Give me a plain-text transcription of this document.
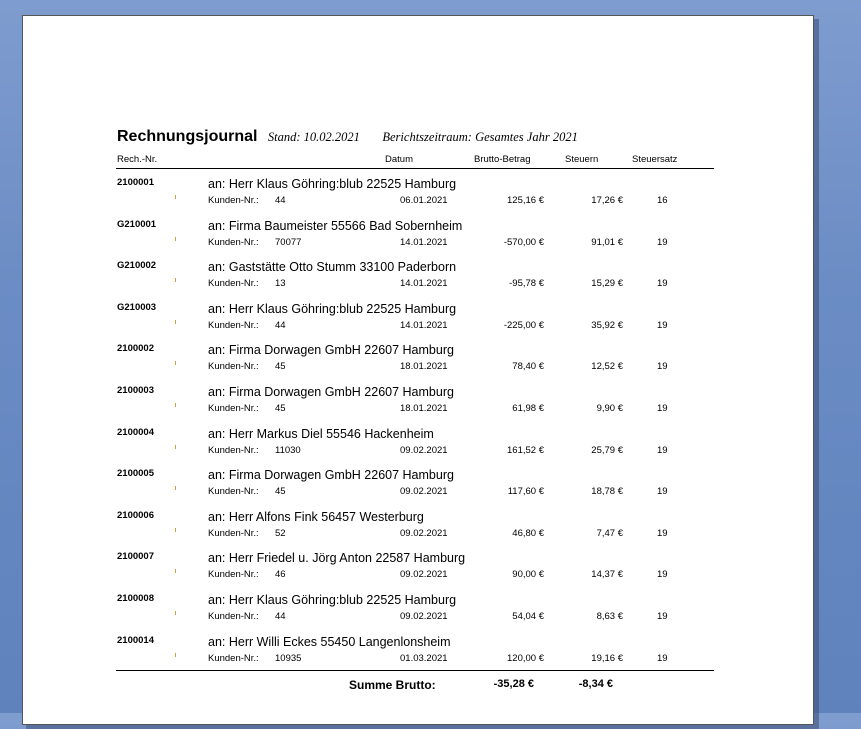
Rechnungsjournal Stand: 10.02.2021 Berichtszeitraum: Gesamtes Jahr 2021
Rech.-Nr.	Datum	Brutto-Betrag	Steuern	Steuersatz
2100001	an: Herr Klaus Göhring:blub 22525 Hamburg
Kunden-Nr.: 44	06.01.2021	125,16 €	17,26 €	16
G210001	an: Firma Baumeister 55566 Bad Sobernheim
Kunden-Nr.: 70077	14.01.2021	-570,00 €	91,01 €	19
G210002	an: Gaststätte Otto Stumm 33100 Paderborn
Kunden-Nr.: 13	14.01.2021	-95,78 €	15,29 €	19
G210003	an: Herr Klaus Göhring:blub 22525 Hamburg
Kunden-Nr.: 44	14.01.2021	-225,00 €	35,92 €	19
2100002	an: Firma Dorwagen GmbH 22607 Hamburg
Kunden-Nr.: 45	18.01.2021	78,40 €	12,52 €	19
2100003	an: Firma Dorwagen GmbH 22607 Hamburg
Kunden-Nr.: 45	18.01.2021	61,98 €	9,90 €	19
2100004	an: Herr Markus Diel 55546 Hackenheim
Kunden-Nr.: 11030	09.02.2021	161,52 €	25,79 €	19
2100005	an: Firma Dorwagen GmbH 22607 Hamburg
Kunden-Nr.: 45	09.02.2021	117,60 €	18,78 €	19
2100006	an: Herr Alfons Fink 56457 Westerburg
Kunden-Nr.: 52	09.02.2021	46,80 €	7,47 €	19
2100007	an: Herr Friedel u. Jörg Anton 22587 Hamburg
Kunden-Nr.: 46	09.02.2021	90,00 €	14,37 €	19
2100008	an: Herr Klaus Göhring:blub 22525 Hamburg
Kunden-Nr.: 44	09.02.2021	54,04 €	8,63 €	19
2100014	an: Herr Willi Eckes 55450 Langenlonsheim
Kunden-Nr.: 10935	01.03.2021	120,00 €	19,16 €	19
Summe Brutto:	-35,28 €	-8,34 €
